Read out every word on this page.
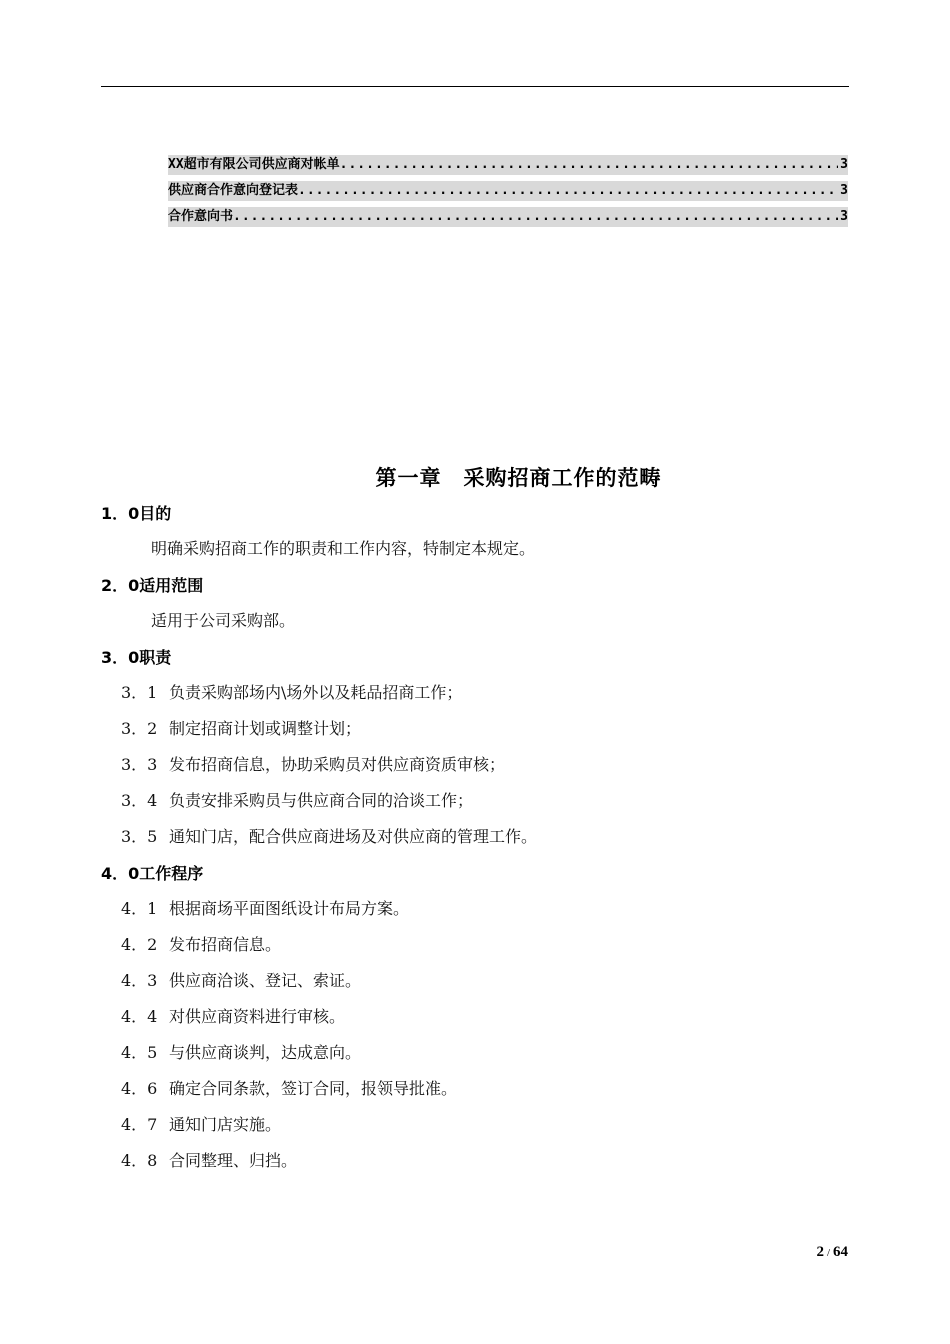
XX超市有限公司供应商对帐单 .....	3
供应商合作意向登记表 .....	3
合作意向书 .....	3
第一章 采购招商工作的范畴
1．0目的
明确采购招商工作的职责和工作内容，特制定本规定。
2．0适用范围
适用于公司采购部。
3．0职责
3．1 负责采购部场内\场外以及耗品招商工作；
3．2 制定招商计划或调整计划；
3．3 发布招商信息，协助采购员对供应商资质审核；
3．4 负责安排采购员与供应商合同的洽谈工作；
3．5 通知门店，配合供应商进场及对供应商的管理工作。
4．0工作程序
4．1 根据商场平面图纸设计布局方案。
4．2 发布招商信息。
4．3 供应商洽谈、登记、索证。
4．4 对供应商资料进行审核。
4．5 与供应商谈判，达成意向。
4．6 确定合同条款，签订合同，报领导批准。
4．7 通知门店实施。
4．8 合同整理、归挡。
2 / 64
